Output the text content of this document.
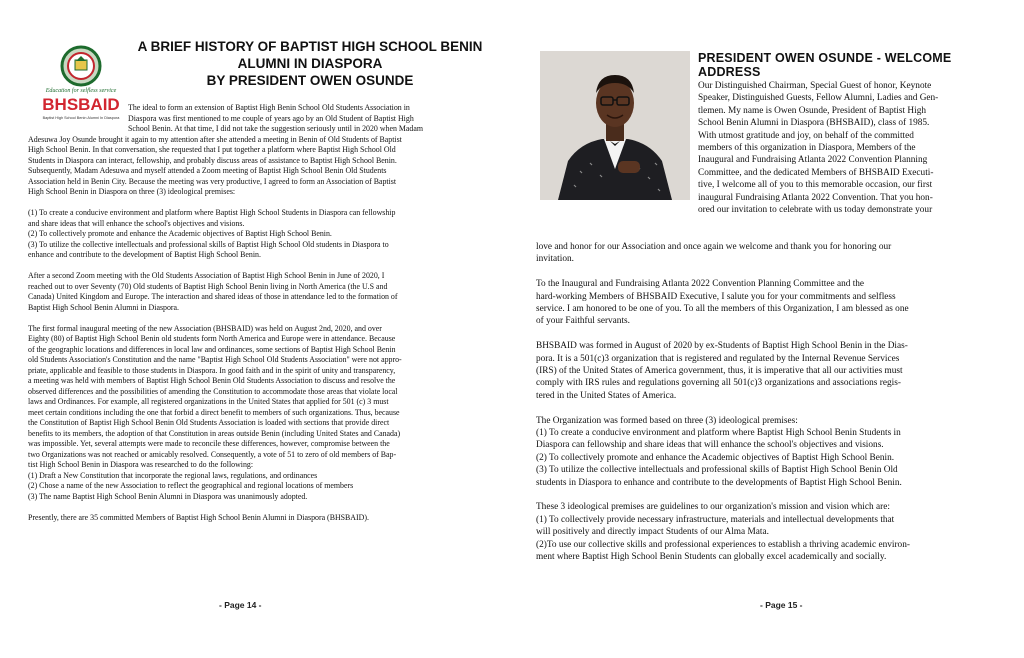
Education for selfless service
BHSBAID
Baptist High School Benin Alumni In Diaspora
A BRIEF HISTORY OF BAPTIST HIGH SCHOOL BENIN
ALUMNI IN DIASPORA
BY PRESIDENT OWEN OSUNDE

The ideal to form an extension of Baptist High Benin School Old Students Association in
Diaspora was first mentioned to me couple of years ago by an Old Student of Baptist High
School Benin. At that time, I did not take the suggestion seriously until in 2020 when Madam
Adesuwa Joy Osunde brought it again to my attention after she attended a meeting in Benin of Old Students of Baptist
High School Benin. In that conversation, she requested that I put together a platform where Baptist High School Old
Students in Diaspora can interact, fellowship, and probably discuss areas of assistance to Baptist High School Benin.
Subsequently, Madam Adesuwa and myself attended a Zoom meeting of Baptist High School Benin Old Students
Association held in Benin City. Because the meeting was very productive, I agreed to form an Association of Baptist
High School Benin in Diaspora on three (3) ideological premises:

(1) To create a conducive environment and platform where Baptist High School Students in Diaspora can fellowship
and share ideas that will enhance the school's objectives and visions.
(2) To collectively promote and enhance the Academic objectives of Baptist High School Benin.
(3) To utilize the collective intellectuals and professional skills of Baptist High School Old students in Diaspora to
enhance and contribute to the development of Baptist High School Benin.

After a second Zoom meeting with the Old Students Association of Baptist High School Benin in June of 2020, I
reached out to over Seventy (70) Old students of Baptist High School Benin living in North America (the U.S and
Canada) United Kingdom and Europe. The interaction and shared ideas of those in attendance led to the formation of
Baptist High School Benin Alumni in Diaspora.

The first formal inaugural meeting of the new Association (BHSBAID) was held on August 2nd, 2020, and over
Eighty (80) of Baptist High School Benin old students form North America and Europe were in attendance. Because
of the geographic locations and differences in local law and ordinances, some sections of Baptist High School Benin
old Students Association's Constitution and the name "Baptist High School Old Students Association" were not appro-
priate, applicable and feasible to those students in Diaspora. In good faith and in the spirit of unity and transparency,
a meeting was held with members of Baptist High School Benin Old Students Association to discuss and resolve the
observed differences and the possibilities of amending the Constitution to accommodate those areas that violate local
laws and Ordinances. For example, all registered organizations in the United States that applied for 501 (c) 3 must
meet certain conditions including the one that forbid a direct benefit to members of such organizations. Thus, because
the Constitution of Baptist High School Benin Old Students Association is loaded with sections that provide direct
benefits to its members, the adoption of that Constitution in areas outside Benin (including United States and Canada)
was impossible. Yet, several attempts were made to reconcile these differences, however, compromise between the
two Organizations was not reached or amicably resolved. Consequently, a vote of 51 to zero of old members of Bap-
tist High School Benin in Diaspora was researched to do the following:
(1) Draft a New Constitution that incorporate the regional laws, regulations, and ordinances
(2) Chose a name of the new Association to reflect the geographical and regional locations of members
(3) The name Baptist High School Benin Alumni in Diaspora was unanimously adopted.

Presently, there are 35 committed Members of Baptist High School Benin Alumni in Diaspora (BHSBAID).

- Page 14 -
PRESIDENT OWEN OSUNDE - WELCOME ADDRESS
Our Distinguished Chairman, Special Guest of honor, Keynote
Speaker, Distinguished Guests, Fellow Alumni, Ladies and Gen-
tlemen. My name is Owen Osunde, President of Baptist High
School Benin Alumni in Diaspora (BHSBAID), class of 1985.
With utmost gratitude and joy, on behalf of the committed
members of this organization in Diaspora, Members of the
Inaugural and Fundraising Atlanta 2022 Convention Planning
Committee, and the dedicated Members of BHSBAID Executi-
tive, I welcome all of you to this memorable occasion, our first
inaugural Fundraising Atlanta 2022 Convention. That you hon-
ored our invitation to celebrate with us today demonstrate your

love and honor for our Association and once again we welcome and thank you for honoring our
invitation.

To the Inaugural and Fundraising Atlanta 2022 Convention Planning Committee and the
hard-working Members of BHSBAID Executive, I salute you for your commitments and selfless
service. I am honored to be one of you. To all the members of this Organization, I am blessed as one
of your Faithful servants.

BHSBAID was formed in August of 2020 by ex-Students of Baptist High School Benin in the Dias-
pora. It is a 501(c)3 organization that is registered and regulated by the Internal Revenue Services
(IRS) of the United States of America government, thus, it is imperative that all our activities must
comply with IRS rules and regulations governing all 501(c)3 organizations and associations regis-
tered in the United States of America.

The Organization was formed based on three (3) ideological premises:
(1) To create a conducive environment and platform where Baptist High School Benin Students in
Diaspora can fellowship and share ideas that will enhance the school's objectives and visions.
(2) To collectively promote and enhance the Academic objectives of Baptist High School Benin.
(3) To utilize the collective intellectuals and professional skills of Baptist High School Benin Old
students in Diaspora to enhance and contribute to the developments of Baptist High School Benin.

These 3 ideological premises are guidelines to our organization's mission and vision which are:
(1) To collectively provide necessary infrastructure, materials and intellectual developments that
will positively and directly impact Students of our Alma Mata.
(2)To use our collective skills and professional experiences to establish a thriving academic environ-
ment where Baptist High School Benin Students can globally excel academically and socially.

- Page 15 -
